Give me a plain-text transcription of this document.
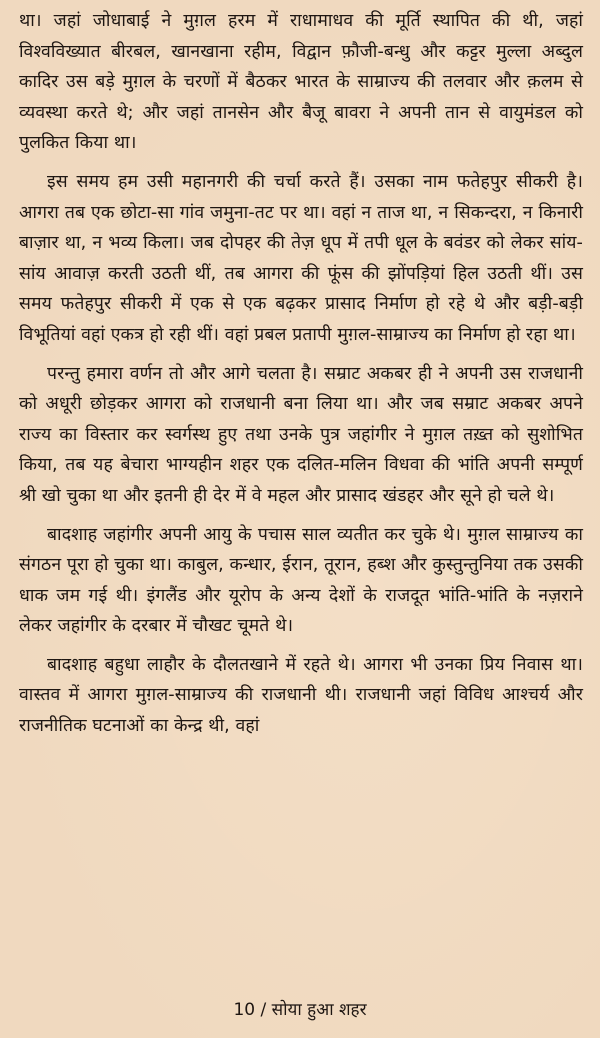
था। जहां जोधाबाई ने मुग़ल हरम में राधामाधव की मूर्ति स्थापित की थी, जहां विश्वविख्यात बीरबल, खानखाना रहीम, विद्वान फ़ौजी-बन्धु और कट्टर मुल्ला अब्दुल कादिर उस बड़े मुग़ल के चरणों में बैठकर भारत के साम्राज्य की तलवार और क़लम से व्यवस्था करते थे; और जहां तानसेन और बैजू बावरा ने अपनी तान से वायुमंडल को पुलकित किया था।

इस समय हम उसी महानगरी की चर्चा करते हैं। उसका नाम फतेहपुर सीकरी है। आगरा तब एक छोटा-सा गांव जमुना-तट पर था। वहां न ताज था, न सिकन्दरा, न किनारी बाज़ार था, न भव्य किला। जब दोपहर की तेज़ धूप में तपी धूल के बवंडर को लेकर सांय-सांय आवाज़ करती उठती थीं, तब आगरा की फूंस की झोंपड़ियां हिल उठती थीं। उस समय फतेहपुर सीकरी में एक से एक बढ़कर प्रासाद निर्माण हो रहे थे और बड़ी-बड़ी विभूतियां वहां एकत्र हो रही थीं। वहां प्रबल प्रतापी मुग़ल-साम्राज्य का निर्माण हो रहा था।

परन्तु हमारा वर्णन तो और आगे चलता है। सम्राट अकबर ही ने अपनी उस राजधानी को अधूरी छोड़कर आगरा को राजधानी बना लिया था। और जब सम्राट अकबर अपने राज्य का विस्तार कर स्वर्गस्थ हुए तथा उनके पुत्र जहांगीर ने मुग़ल तख़्त को सुशोभित किया, तब यह बेचारा भाग्यहीन शहर एक दलित-मलिन विधवा की भांति अपनी सम्पूर्ण श्री खो चुका था और इतनी ही देर में वे महल और प्रासाद खंडहर और सूने हो चले थे।

बादशाह जहांगीर अपनी आयु के पचास साल व्यतीत कर चुके थे। मुग़ल साम्राज्य का संगठन पूरा हो चुका था। काबुल, कन्धार, ईरान, तूरान, हब्श और कुस्तुन्तुनिया तक उसकी धाक जम गई थी। इंगलैंड और यूरोप के अन्य देशों के राजदूत भांति-भांति के नज़राने लेकर जहांगीर के दरबार में चौखट चूमते थे।

बादशाह बहुधा लाहौर के दौलतखाने में रहते थे। आगरा भी उनका प्रिय निवास था। वास्तव में आगरा मुग़ल-साम्राज्य की राजधानी थी। राजधानी जहां विविध आश्चर्य और राजनीतिक घटनाओं का केन्द्र थी, वहां

10 / सोया हुआ शहर
